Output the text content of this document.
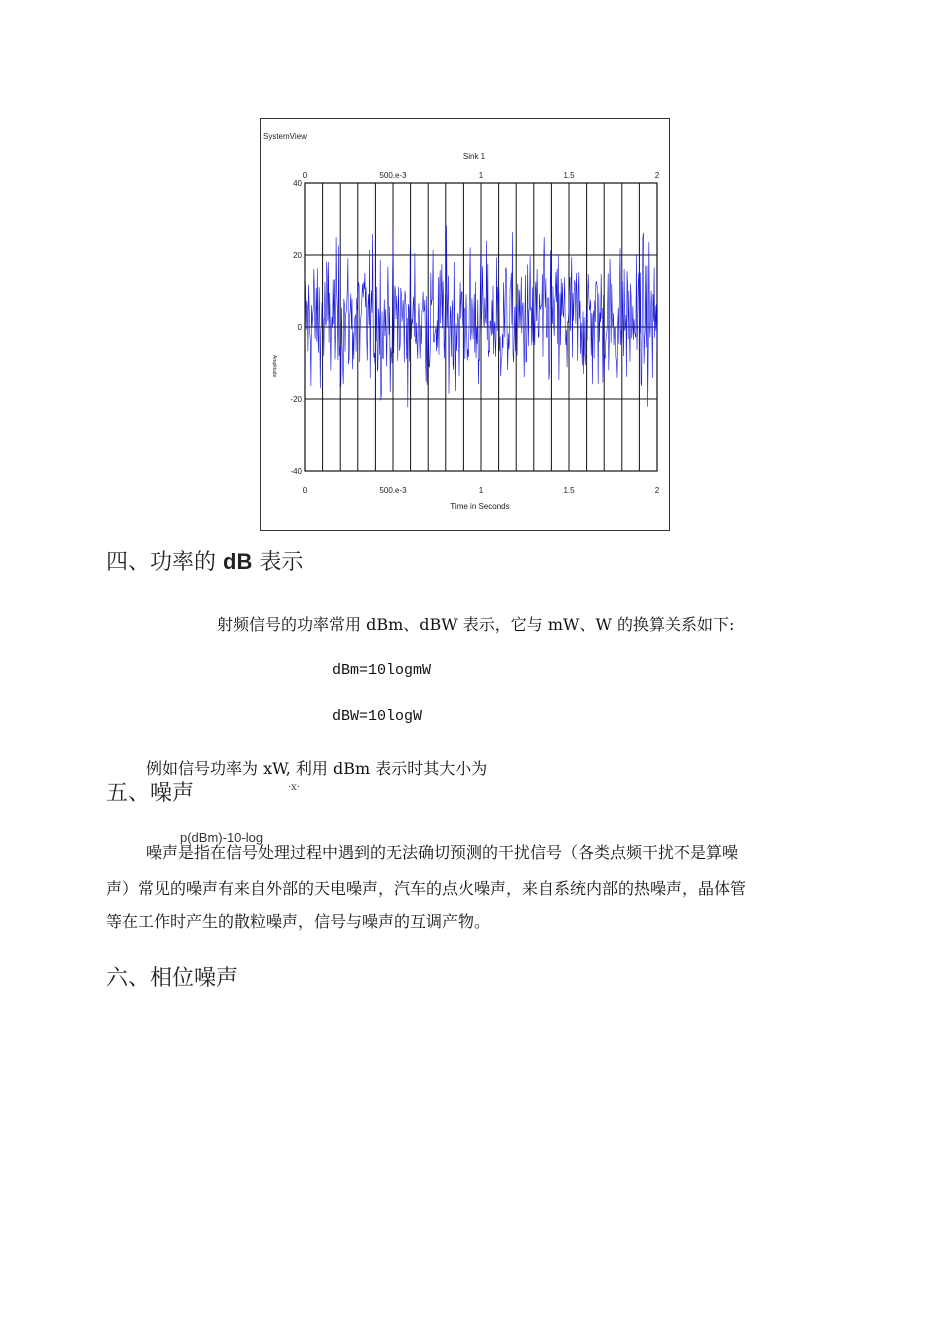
SystemView
Sink 1
0
0
500.e-3
500.e-3
1
1
1.5
1.5
2
2
40
20
0
-20
-40
Time in Seconds
Amplitude
四、功率的 dB 表示
射频信号的功率常用 dBm、dBW 表示，它与 mW、W 的换算关系如下:
dBm=10logmW
dBW=10logW
例如信号功率为 xW, 利用 dBm 表示时其大小为
五、噪声	·x·
p(dBm)-10-log
噪声是指在信号处理过程中遇到的无法确切预测的干扰信号（各类点频干扰不是算噪
声）常见的噪声有来自外部的天电噪声，汽车的点火噪声，来自系统内部的热噪声，晶体管
等在工作时产生的散粒噪声，信号与噪声的互调产物。
六、相位噪声
